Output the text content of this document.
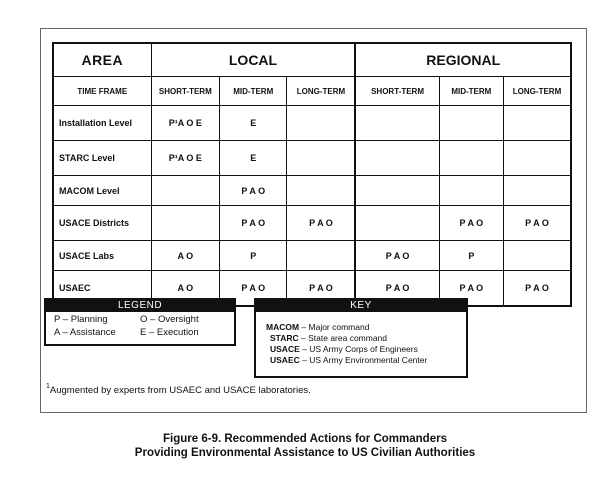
AREA	LOCAL			REGIONAL		
TIME FRAME	SHORT-TERM	MID-TERM	LONG-TERM	SHORT-TERM	MID-TERM	LONG-TERM
Installation Level	P¹A O E	E				
STARC Level	P¹A O E	E				
MACOM Level		P A O				
USACE Districts		P A O	P A O		P A O	P A O
USACE Labs	A O	P		P A O	P	
USAEC	A O	P A O	P A O	P A O	P A O	P A O
LEGEND
P – Planning	O – Oversight
A – Assistance	E – Execution
KEY
MACOM – Major command
STARC – State area command
USACE – US Army Corps of Engineers
USAEC – US Army Environmental Center
$^1$Augmented by experts from USAEC and USACE laboratories.
Figure 6-9. Recommended Actions for Commanders
Providing Environmental Assistance to US Civilian Authorities
